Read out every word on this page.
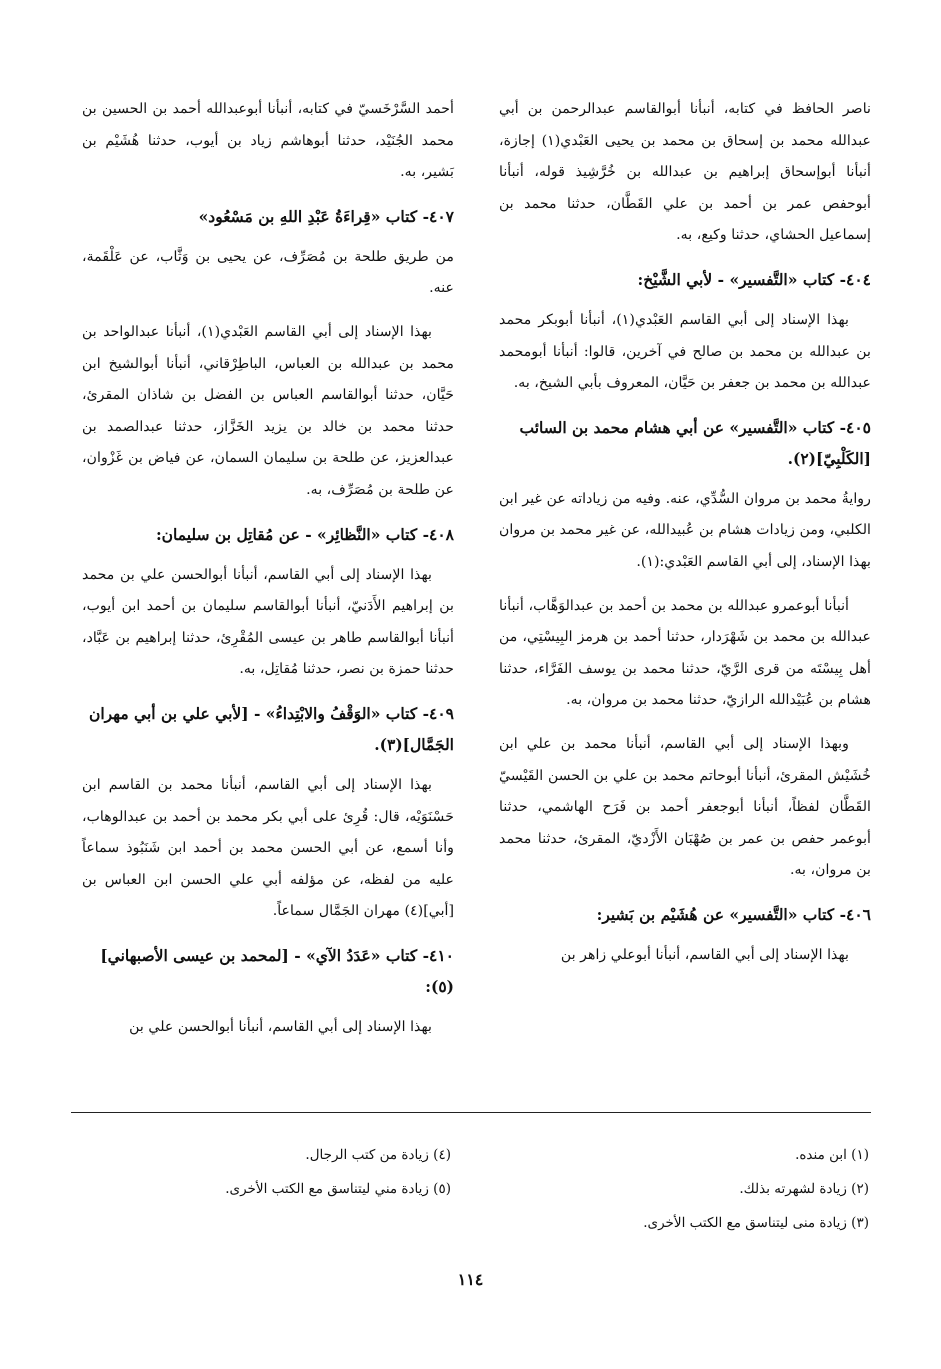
ناصر الحافظ في كتابه، أنبأنا أبوالقاسم عبدالرحمن بن أبي عبدالله محمد بن إسحاق بن محمد بن يحيى العَبْدي(١) إجازة، أنبأنا أبوإسحاق إبراهيم بن عبدالله بن خُرَّشِيذ قوله، أنبأنا أبوحفص عمر بن أحمد بن علي القَطَّان، حدثنا محمد بن إسماعيل الحشاي، حدثنا وكيع، به.

٤٠٤- كتاب «التَّفسير» - لأبي الشَّيْخ:

بهذا الإسناد إلى أبي القاسم العَبْدي(١)، أنبأنا أبوبكر محمد بن عبدالله بن محمد بن صالح في آخرين، قالوا: أنبأنا أبومحمد عبدالله بن محمد بن جعفر بن حَيَّان، المعروف بأبي الشيخ، به.

٤٠٥- كتاب «التَّفسير» عن أبي هشام محمد بن السائب [الكَلْبِيّ](٢).

روايةُ محمد بن مروان السُّدِّي، عنه. وفيه من زياداته عن غير ابن الكلبي، ومن زيادات هشام بن عُبيدالله، عن غير محمد بن مروان بهذا الإسناد، إلى أبي القاسم العَبْدي:(١).

أنبأنا أبوعمرو عبدالله بن محمد بن أحمد بن عبدالوَهَّاب، أنبأنا عبدالله بن محمد بن شَهْرَدار، حدثنا أحمد بن هرمز البِيسْتِي، من أهل بِيسْتَه من قرى الرَّيّ، حدثنا محمد بن يوسف الفَرَّاء، حدثنا هشام بن عُبَيْدالله الرازيّ، حدثنا محمد بن مروان، به.

وبهذا الإسناد إلى أبي القاسم، أنبأنا محمد بن علي ابن خُشَيْش المقرئ، أنبأنا أبوحاتم محمد بن علي بن الحسن القَيْسيّ القَطَّان لفظاً، أنبأنا أبوجعفر أحمد بن فَرَح الهاشمي، حدثنا أبوعمر حفص بن عمر بن صُهْبَان الأَزْديّ، المقرئ، حدثنا محمد بن مروان، به.

٤٠٦- كتاب «التَّفسير» عن هُشَيْم بن بَشير:

بهذا الإسناد إلى أبي القاسم، أنبأنا أبوعلي زاهر بن

أحمد السَّرْخَسيّ في كتابه، أنبأنا أبوعبدالله أحمد بن الحسين بن محمد الجُنَيْد، حدثنا أبوهاشم زياد بن أيوب، حدثنا هُشَيْم بن بَشير، به.

٤٠٧- كتاب «قِراءَةُ عَبْدِ اللهِ بن مَسْعُود»

من طريق طلحة بن مُصَرِّف، عن يحيى بن وَثَّاب، عن عَلْقَمة، عنه.

بهذا الإسناد إلى أبي القاسم العَبْدي(١)، أنبأنا عبدالواحد بن محمد بن عبدالله بن العباس، الباطِرْقاني، أنبأنا أبوالشيخ ابن حَيَّان، حدثنا أبوالقاسم العباس بن الفضل بن شاذان المقرئ، حدثنا محمد بن خالد بن يزيد الخَزَّاز، حدثنا عبدالصمد بن عبدالعزيز، عن طلحة بن سليمان السمان، عن فياض بن غَزْوان، عن طلحة بن مُصَرِّف، به.

٤٠٨- كتاب «النَّظائِر» - عن مُقاتِل بن سليمان:

بهذا الإسناد إلى أبي القاسم، أنبأنا أبوالحسن علي بن محمد بن إبراهيم الأَدَنيّ، أنبأنا أبوالقاسم سليمان بن أحمد ابن أيوب، أنبأنا أبوالقاسم طاهر بن عيسى المُقْرِئ، حدثنا إبراهيم بن عَبَّاد، حدثنا حمزة بن نصر، حدثنا مُقاتِل، به.

٤٠٩- كتاب «الوَقْفُ والابْتِداءُ» - [لأبي علي بن أبي مهران الجَمَّال](٣).

بهذا الإسناد إلى أبي القاسم، أنبأنا محمد بن القاسم ابن حَسْنَوَيْه، قال: قُرِئ على أبي بكر محمد بن أحمد بن عبدالوهاب، وأنا أسمع، عن أبي الحسن محمد بن أحمد ابن شَنَبُوذ سماعاً عليه من لفظه، عن مؤلفه أبي علي الحسن ابن العباس بن [أبي](٤) مهران الجَمَّال سماعاً.

٤١٠- كتاب «عَدَدُ الآي» - [لمحمد بن عيسى الأصبهاني](٥):

بهذا الإسناد إلى أبي القاسم، أنبأنا أبوالحسن علي بن

(١) ابن منده.
(٢) زيادة لشهرته بذلك.
(٣) زيادة منى ليتناسق مع الكتب الأخرى.
(٤) زيادة من كتب الرجال.
(٥) زيادة مني ليتناسق مع الكتب الأخرى.
١١٤
